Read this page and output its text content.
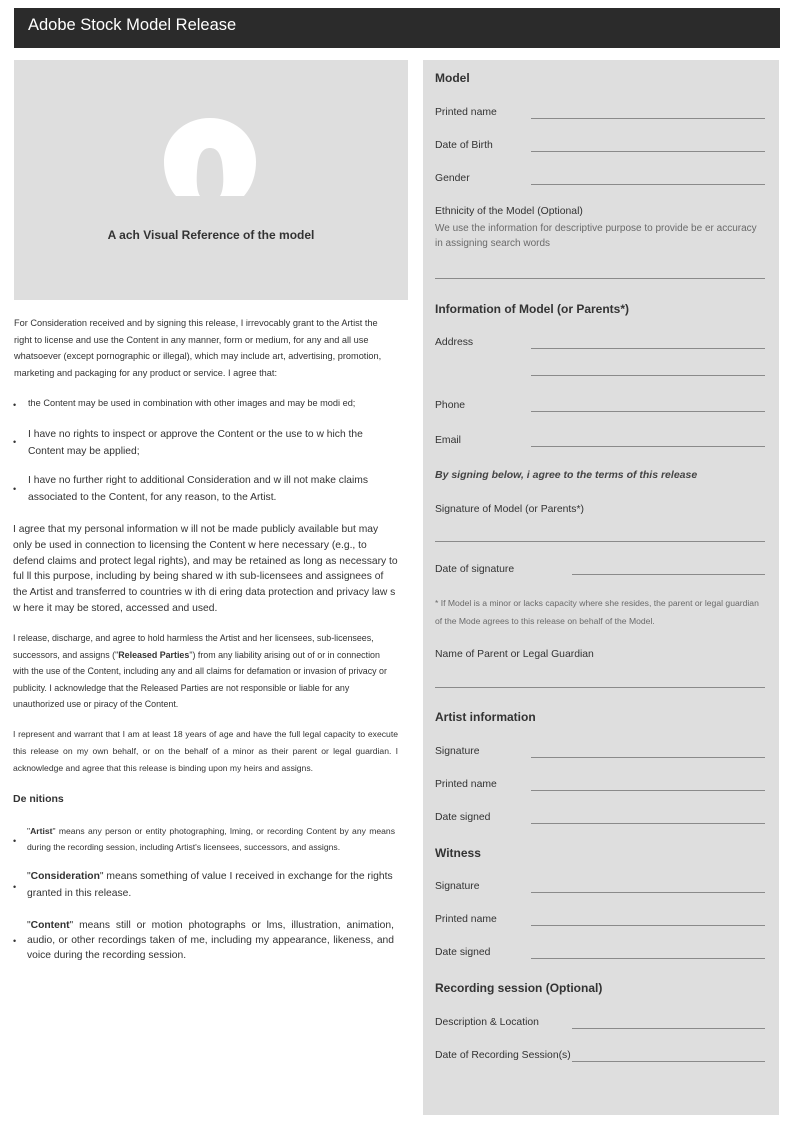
Adobe Stock Model Release
A ach Visual Reference of the model

For Consideration received and by signing this release, I irrevocably grant to the Artist the right to license and use the Content in any manner, form or medium, for any and all use whatsoever (except pornographic or illegal), which may include art, advertising, promotion, marketing and packaging for any product or service. I agree that:

• the Content may be used in combination with other images and may be modi ed;

•

I have no rights to inspect or approve the Content or the use to w hich the Content may be applied;

•

I have no further right to additional Consideration and w ill not make claims associated to the Content, for any reason, to the Artist.

I agree that my personal information w ill not be made publicly available but may only be used in connection to licensing the Content w here necessary (e.g., to defend claims and protect legal rights), and may be retained as long as necessary to ful ll this purpose, including by being shared w ith sub-licensees and assignees of the Artist and transferred to countries w ith di ering data protection and privacy law s w here it may be stored, accessed and used.

I release, discharge, and agree to hold harmless the Artist and her licensees, sub-licensees, successors, and assigns ("Released Parties") from any liability arising out of or in connection with the use of the Content, including any and all claims for defamation or invasion of privacy or publicity. I acknowledge that the Released Parties are not responsible or liable for any unauthorized use or piracy of the Content.

I represent and warrant that I am at least 18 years of age and have the full legal capacity to execute this release on my own behalf, or on the behalf of a minor as their parent or legal guardian. I acknowledge and agree that this release is binding upon my heirs and assigns.

De nitions
•

"Artist" means any person or entity photographing, lming, or recording Content by any means during the recording session, including Artist's licensees, successors, and assigns.

•

"Consideration" means something of value I received in exchange for the rights granted in this release.

•

"Content" means still or motion photographs or lms, illustration, animation, audio, or other recordings taken of me, including my appearance, likeness, and voice during the recording session.

Model
Printed name
Date of Birth
Gender
Ethnicity of the Model (Optional)
We use the information for descriptive purpose to provide be er accuracy in assigning search words
Information of Model (or Parents*)
Address
Phone
Email
By signing below, i agree to the terms of this release
Signature of Model (or Parents*)
Date of signature
* If Model is a minor or lacks capacity where she resides, the parent or legal guardian of the Mode agrees to this release on behalf of the Model.
Name of Parent or Legal Guardian
Artist information
Signature
Printed name
Date signed
Witness
Signature
Printed name
Date signed
Recording session (Optional)
Description & Location
Date of Recording Session(s)
